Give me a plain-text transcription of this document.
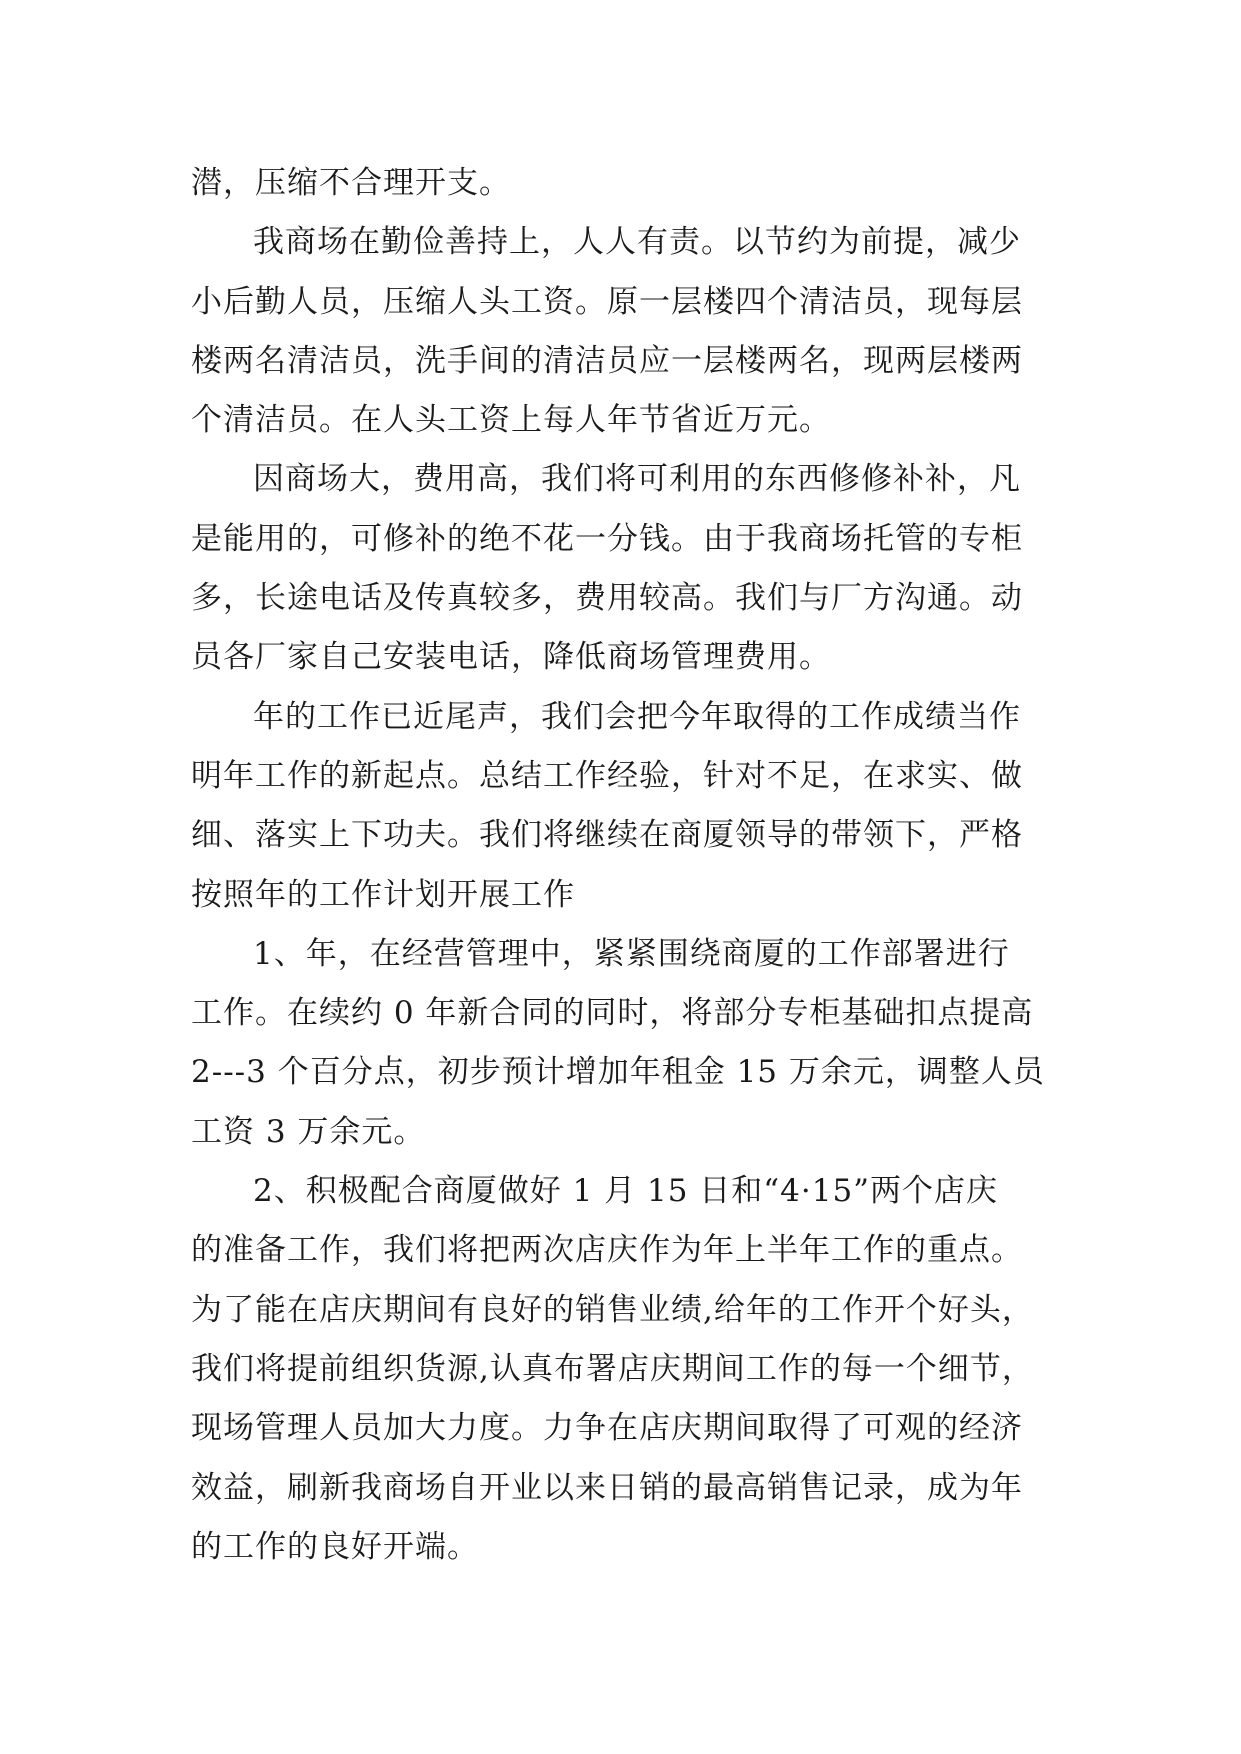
潜，压缩不合理开支。
我商场在勤俭善持上，人人有责。以节约为前提，减少
小后勤人员，压缩人头工资。原一层楼四个清洁员，现每层
楼两名清洁员，洗手间的清洁员应一层楼两名，现两层楼两
个清洁员。在人头工资上每人年节省近万元。
因商场大，费用高，我们将可利用的东西修修补补，凡
是能用的，可修补的绝不花一分钱。由于我商场托管的专柜
多，长途电话及传真较多，费用较高。我们与厂方沟通。动
员各厂家自己安装电话，降低商场管理费用。
年的工作已近尾声，我们会把今年取得的工作成绩当作
明年工作的新起点。总结工作经验，针对不足，在求实、做
细、落实上下功夫。我们将继续在商厦领导的带领下，严格
按照年的工作计划开展工作
1、年，在经营管理中，紧紧围绕商厦的工作部署进行
工作。在续约 0 年新合同的同时，将部分专柜基础扣点提高
2---3 个百分点，初步预计增加年租金 15 万余元，调整人员
工资 3 万余元。
2、积极配合商厦做好 1 月 15 日和“4·15”两个店庆
的准备工作，我们将把两次店庆作为年上半年工作的重点。
为了能在店庆期间有良好的销售业绩,给年的工作开个好头，
我们将提前组织货源,认真布署店庆期间工作的每一个细节，
现场管理人员加大力度。力争在店庆期间取得了可观的经济
效益，刷新我商场自开业以来日销的最高销售记录，成为年
的工作的良好开端。
